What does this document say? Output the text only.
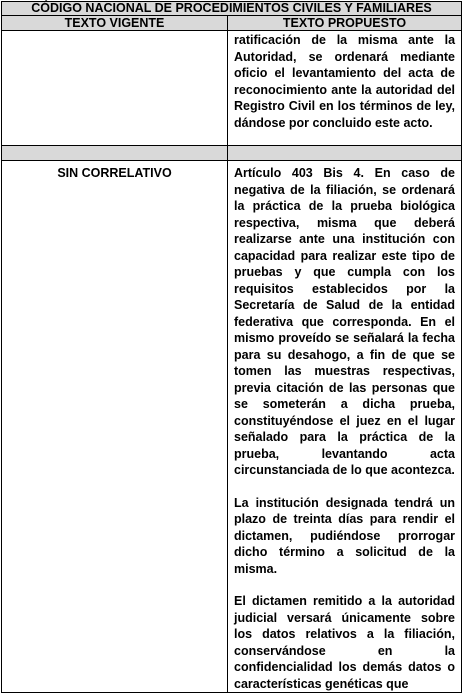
CÓDIGO NACIONAL DE PROCEDIMIENTOS CIVILES Y FAMILIARES	
TEXTO VIGENTE	TEXTO PROPUESTO

	ratificación de la misma ante la Autoridad, se ordenará mediante oficio el levantamiento del acta de reconocimiento ante la autoridad del Registro Civil en los términos de ley, dándose por concluido este acto.

SIN CORRELATIVO	Artículo 403 Bis 4. En caso de negativa de la filiación, se ordenará la práctica de la prueba biológica respectiva, misma que deberá realizarse ante una institución con capacidad para realizar este tipo de pruebas y que cumpla con los requisitos establecidos por la Secretaría de Salud de la entidad federativa que corresponda. En el mismo proveído se señalará la fecha para su desahogo, a fin de que se tomen las muestras respectivas, previa citación de las personas que se someterán a dicha prueba, constituyéndose el juez en el lugar señalado para la práctica de la prueba, levantando acta circunstanciada de lo que acontezca.

La institución designada tendrá un plazo de treinta días para rendir el dictamen, pudiéndose prorrogar dicho término a solicitud de la misma.

El dictamen remitido a la autoridad judicial versará únicamente sobre los datos relativos a la filiación, conservándose en la confidencialidad los demás datos o características genéticas que
